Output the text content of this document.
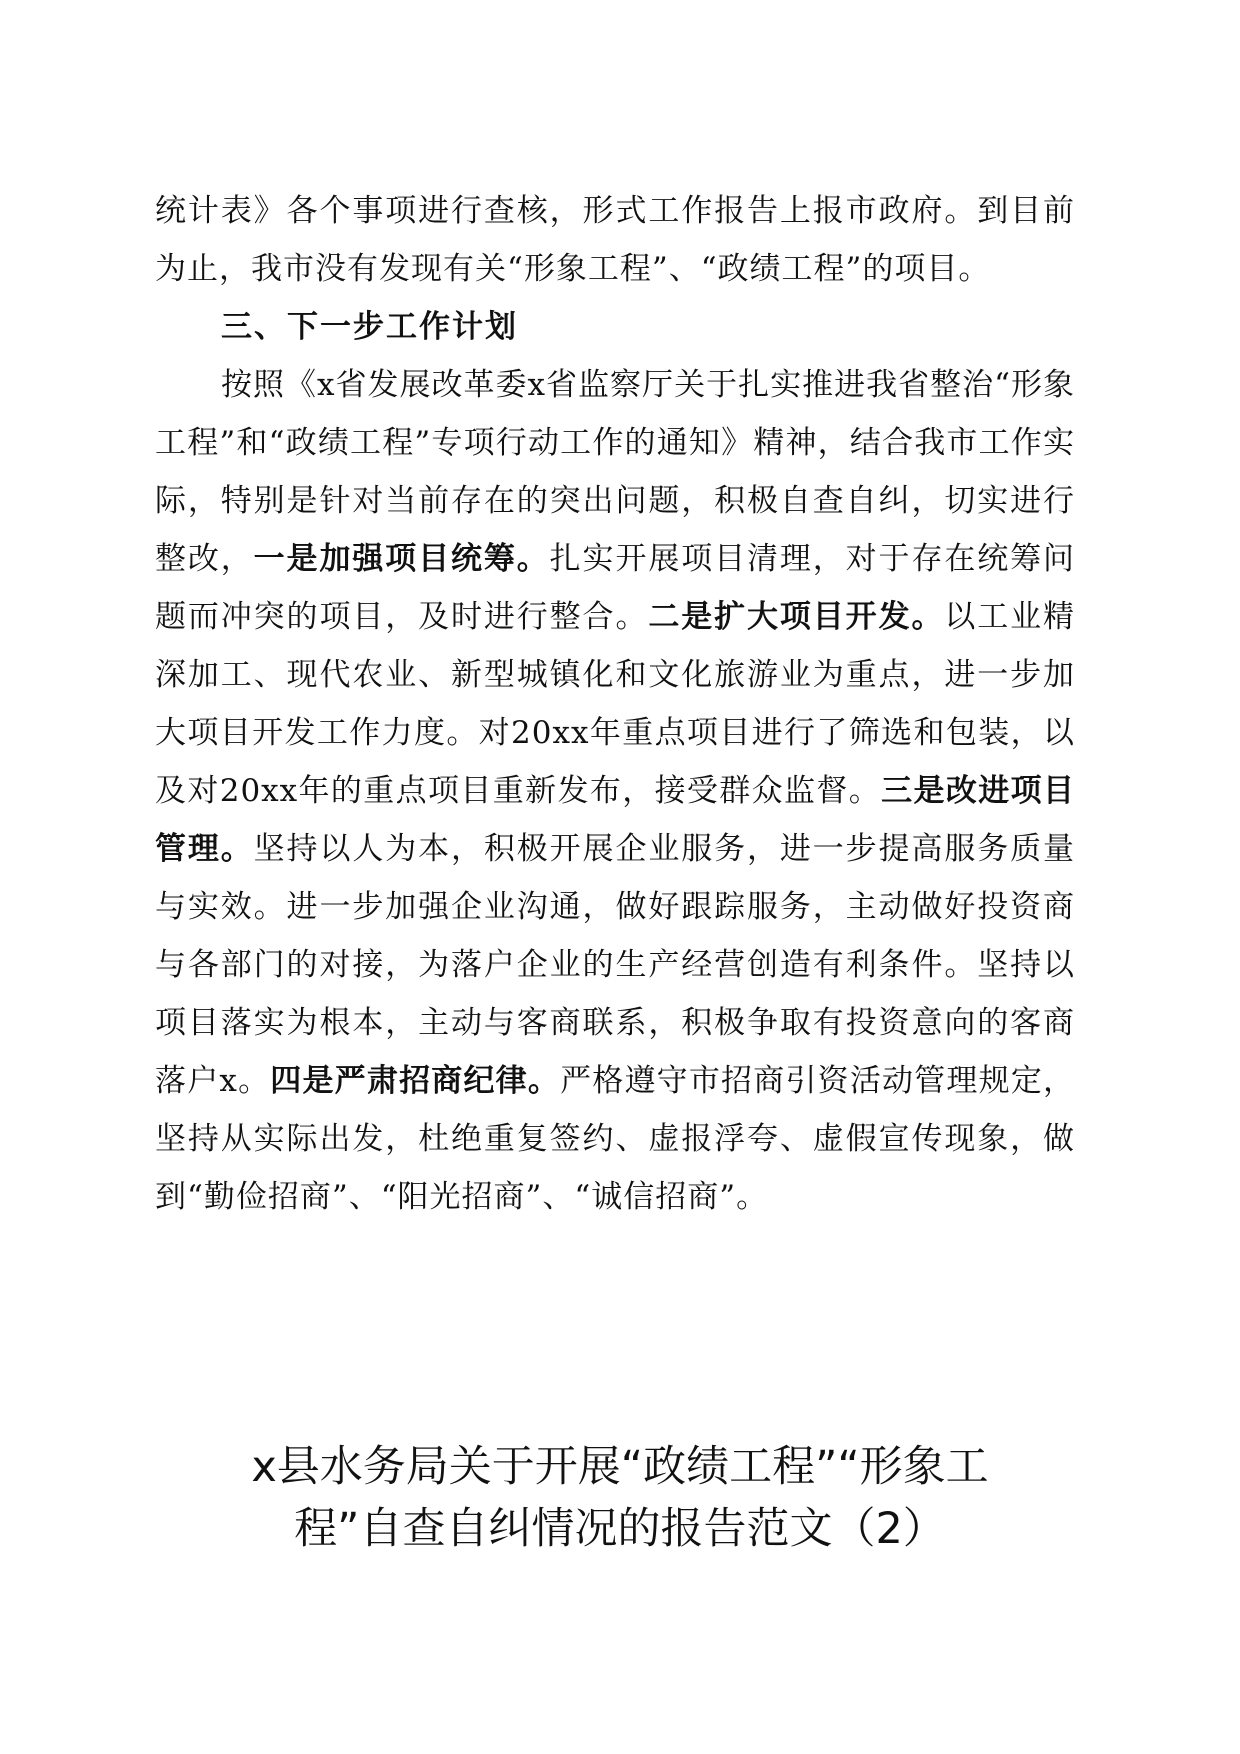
统计表》各个事项进行查核，形式工作报告上报市政府。到目前为止，我市没有发现有关“形象工程”、“政绩工程”的项目。

三、下一步工作计划

按照《x省发展改革委x省监察厅关于扎实推进我省整治“形象工程”和“政绩工程”专项行动工作的通知》精神，结合我市工作实际，特别是针对当前存在的突出问题，积极自查自纠，切实进行整改，一是加强项目统筹。扎实开展项目清理，对于存在统筹问题而冲突的项目，及时进行整合。二是扩大项目开发。以工业精深加工、现代农业、新型城镇化和文化旅游业为重点，进一步加大项目开发工作力度。对20xx年重点项目进行了筛选和包装，以及对20xx年的重点项目重新发布，接受群众监督。三是改进项目管理。坚持以人为本，积极开展企业服务，进一步提高服务质量与实效。进一步加强企业沟通，做好跟踪服务，主动做好投资商与各部门的对接，为落户企业的生产经营创造有利条件。坚持以项目落实为根本，主动与客商联系，积极争取有投资意向的客商落户x。四是严肃招商纪律。严格遵守市招商引资活动管理规定，坚持从实际出发，杜绝重复签约、虚报浮夸、虚假宣传现象，做到“勤俭招商”、“阳光招商”、“诚信招商”。

x县水务局关于开展“政绩工程”“形象工
程”自查自纠情况的报告范文（2）
